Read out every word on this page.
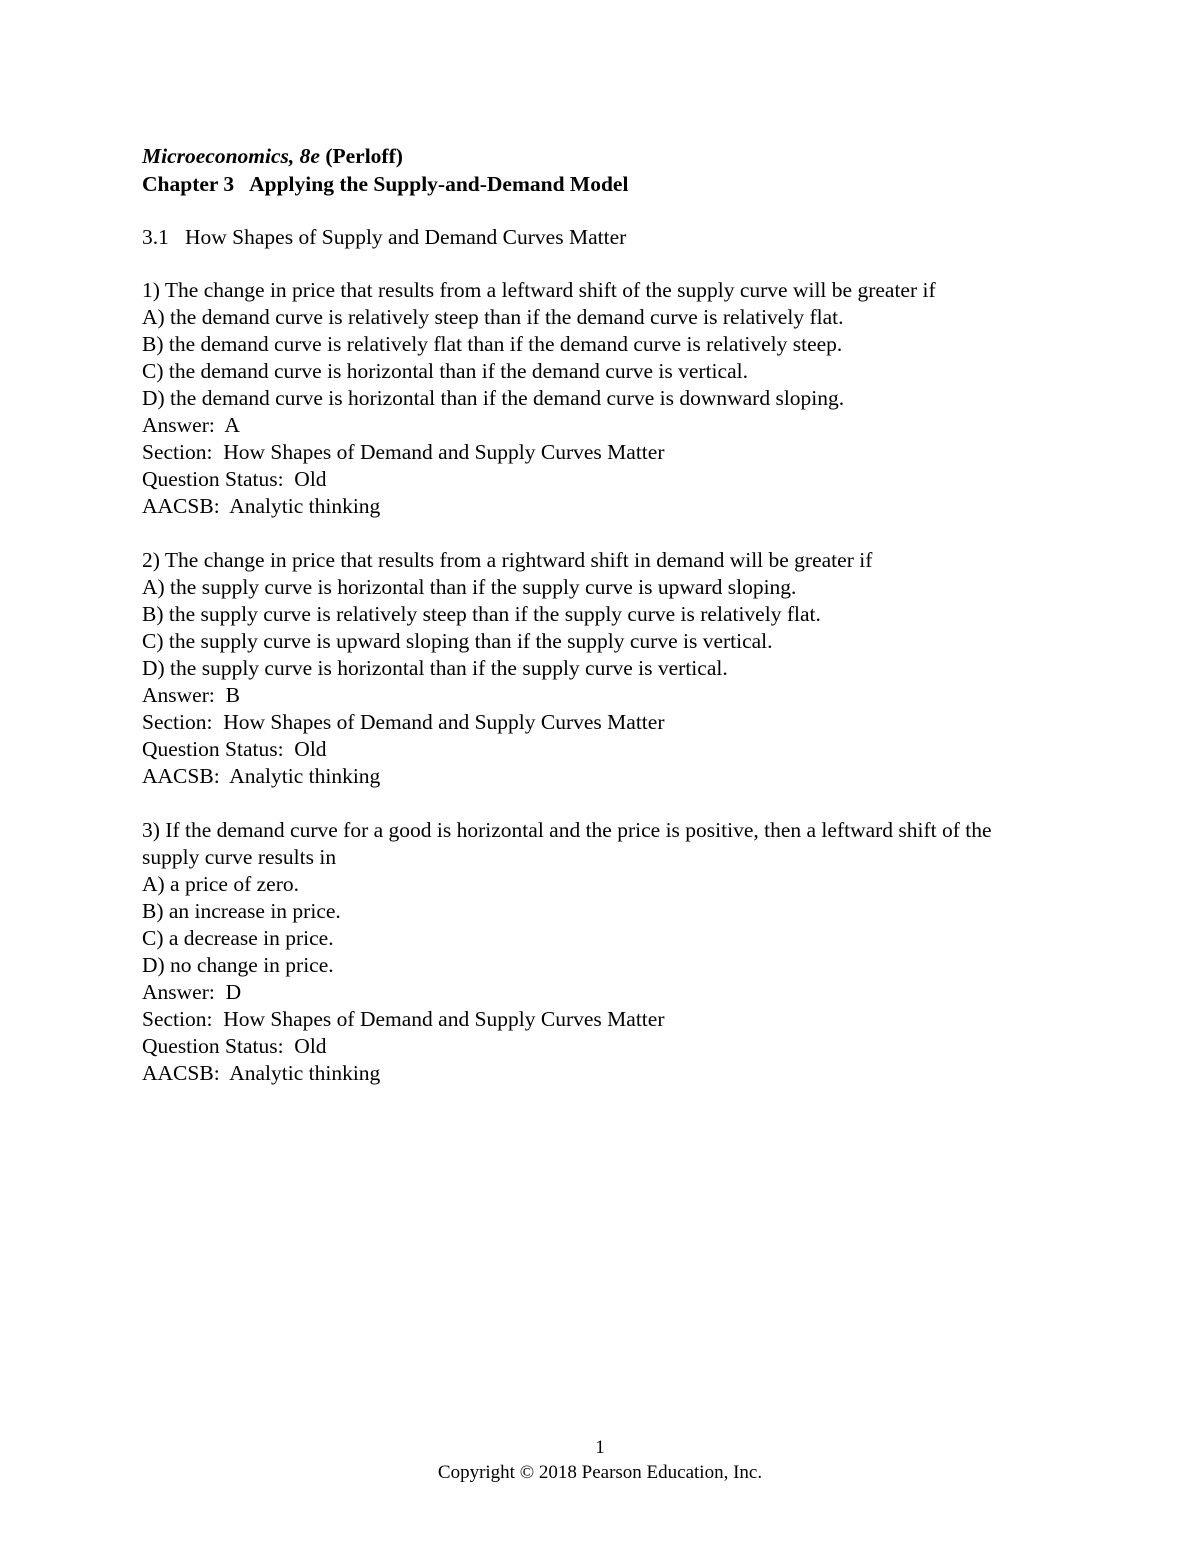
Microeconomics, 8e (Perloff)
Chapter 3   Applying the Supply-and-Demand Model
3.1   How Shapes of Supply and Demand Curves Matter
1) The change in price that results from a leftward shift of the supply curve will be greater if
A) the demand curve is relatively steep than if the demand curve is relatively flat.
B) the demand curve is relatively flat than if the demand curve is relatively steep.
C) the demand curve is horizontal than if the demand curve is vertical.
D) the demand curve is horizontal than if the demand curve is downward sloping.
Answer:  A
Section:  How Shapes of Demand and Supply Curves Matter
Question Status:  Old
AACSB:  Analytic thinking
2) The change in price that results from a rightward shift in demand will be greater if
A) the supply curve is horizontal than if the supply curve is upward sloping.
B) the supply curve is relatively steep than if the supply curve is relatively flat.
C) the supply curve is upward sloping than if the supply curve is vertical.
D) the supply curve is horizontal than if the supply curve is vertical.
Answer:  B
Section:  How Shapes of Demand and Supply Curves Matter
Question Status:  Old
AACSB:  Analytic thinking
3) If the demand curve for a good is horizontal and the price is positive, then a leftward shift of the supply curve results in
A) a price of zero.
B) an increase in price.
C) a decrease in price.
D) no change in price.
Answer:  D
Section:  How Shapes of Demand and Supply Curves Matter
Question Status:  Old
AACSB:  Analytic thinking
1
Copyright © 2018 Pearson Education, Inc.
